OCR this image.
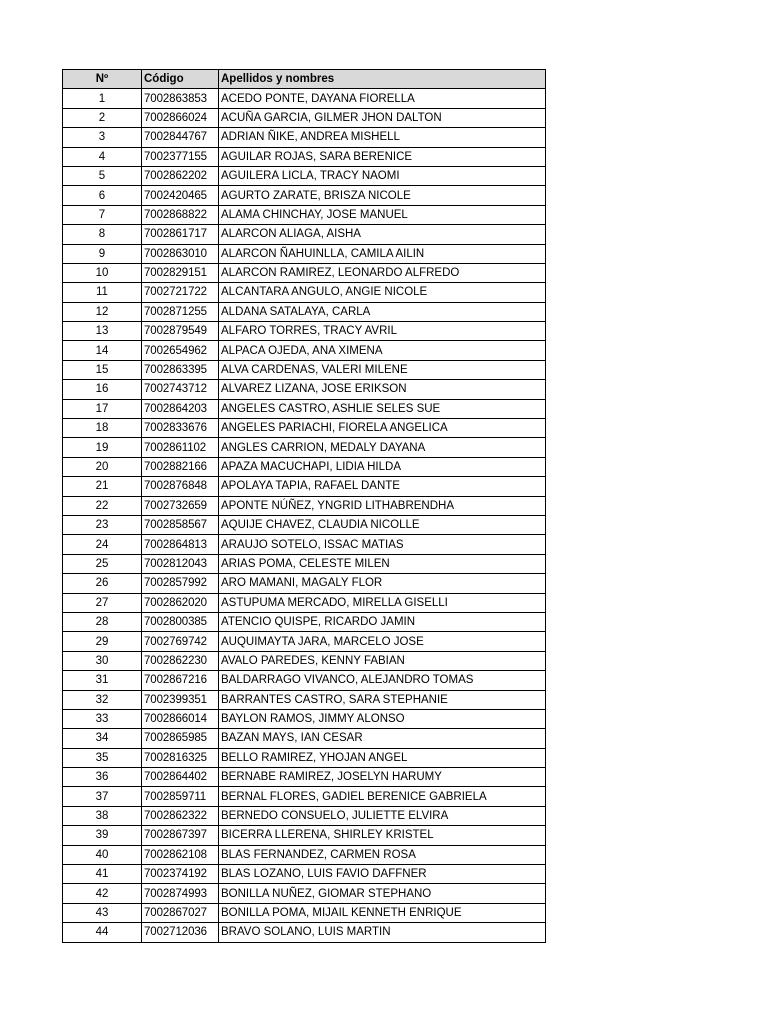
Nº	Código	Apellidos y nombres
1	7002863853	ACEDO PONTE, DAYANA FIORELLA
2	7002866024	ACUÑA GARCIA, GILMER JHON DALTON
3	7002844767	ADRIAN ÑIKE, ANDREA MISHELL
4	7002377155	AGUILAR ROJAS, SARA BERENICE
5	7002862202	AGUILERA LICLA, TRACY NAOMI
6	7002420465	AGURTO ZARATE, BRISZA NICOLE
7	7002868822	ALAMA CHINCHAY, JOSE MANUEL
8	7002861717	ALARCON ALIAGA, AISHA
9	7002863010	ALARCON ÑAHUINLLA, CAMILA AILIN
10	7002829151	ALARCON RAMIREZ, LEONARDO ALFREDO
11	7002721722	ALCANTARA ANGULO, ANGIE NICOLE
12	7002871255	ALDANA SATALAYA, CARLA
13	7002879549	ALFARO TORRES, TRACY AVRIL
14	7002654962	ALPACA OJEDA, ANA XIMENA
15	7002863395	ALVA CARDENAS, VALERI MILENE
16	7002743712	ALVAREZ LIZANA, JOSE ERIKSON
17	7002864203	ANGELES CASTRO, ASHLIE SELES SUE
18	7002833676	ANGELES PARIACHI, FIORELA ANGELICA
19	7002861102	ANGLES CARRION, MEDALY DAYANA
20	7002882166	APAZA MACUCHAPI, LIDIA HILDA
21	7002876848	APOLAYA TAPIA, RAFAEL DANTE
22	7002732659	APONTE NÚÑEZ, YNGRID LITHABRENDHA
23	7002858567	AQUIJE CHAVEZ, CLAUDIA NICOLLE
24	7002864813	ARAUJO SOTELO, ISSAC MATIAS
25	7002812043	ARIAS POMA, CELESTE MILEN
26	7002857992	ARO MAMANI, MAGALY FLOR
27	7002862020	ASTUPUMA MERCADO, MIRELLA GISELLI
28	7002800385	ATENCIO QUISPE, RICARDO JAMIN
29	7002769742	AUQUIMAYTA JARA, MARCELO JOSE
30	7002862230	AVALO PAREDES, KENNY FABIAN
31	7002867216	BALDARRAGO VIVANCO, ALEJANDRO TOMAS
32	7002399351	BARRANTES CASTRO, SARA STEPHANIE
33	7002866014	BAYLON RAMOS, JIMMY ALONSO
34	7002865985	BAZAN MAYS, IAN CESAR
35	7002816325	BELLO RAMIREZ, YHOJAN ANGEL
36	7002864402	BERNABE RAMIREZ, JOSELYN HARUMY
37	7002859711	BERNAL FLORES, GADIEL BERENICE GABRIELA
38	7002862322	BERNEDO CONSUELO, JULIETTE ELVIRA
39	7002867397	BICERRA LLERENA, SHIRLEY KRISTEL
40	7002862108	BLAS FERNANDEZ, CARMEN ROSA
41	7002374192	BLAS LOZANO, LUIS FAVIO DAFFNER
42	7002874993	BONILLA NUÑEZ, GIOMAR STEPHANO
43	7002867027	BONILLA POMA, MIJAIL KENNETH ENRIQUE
44	7002712036	BRAVO SOLANO, LUIS MARTIN
